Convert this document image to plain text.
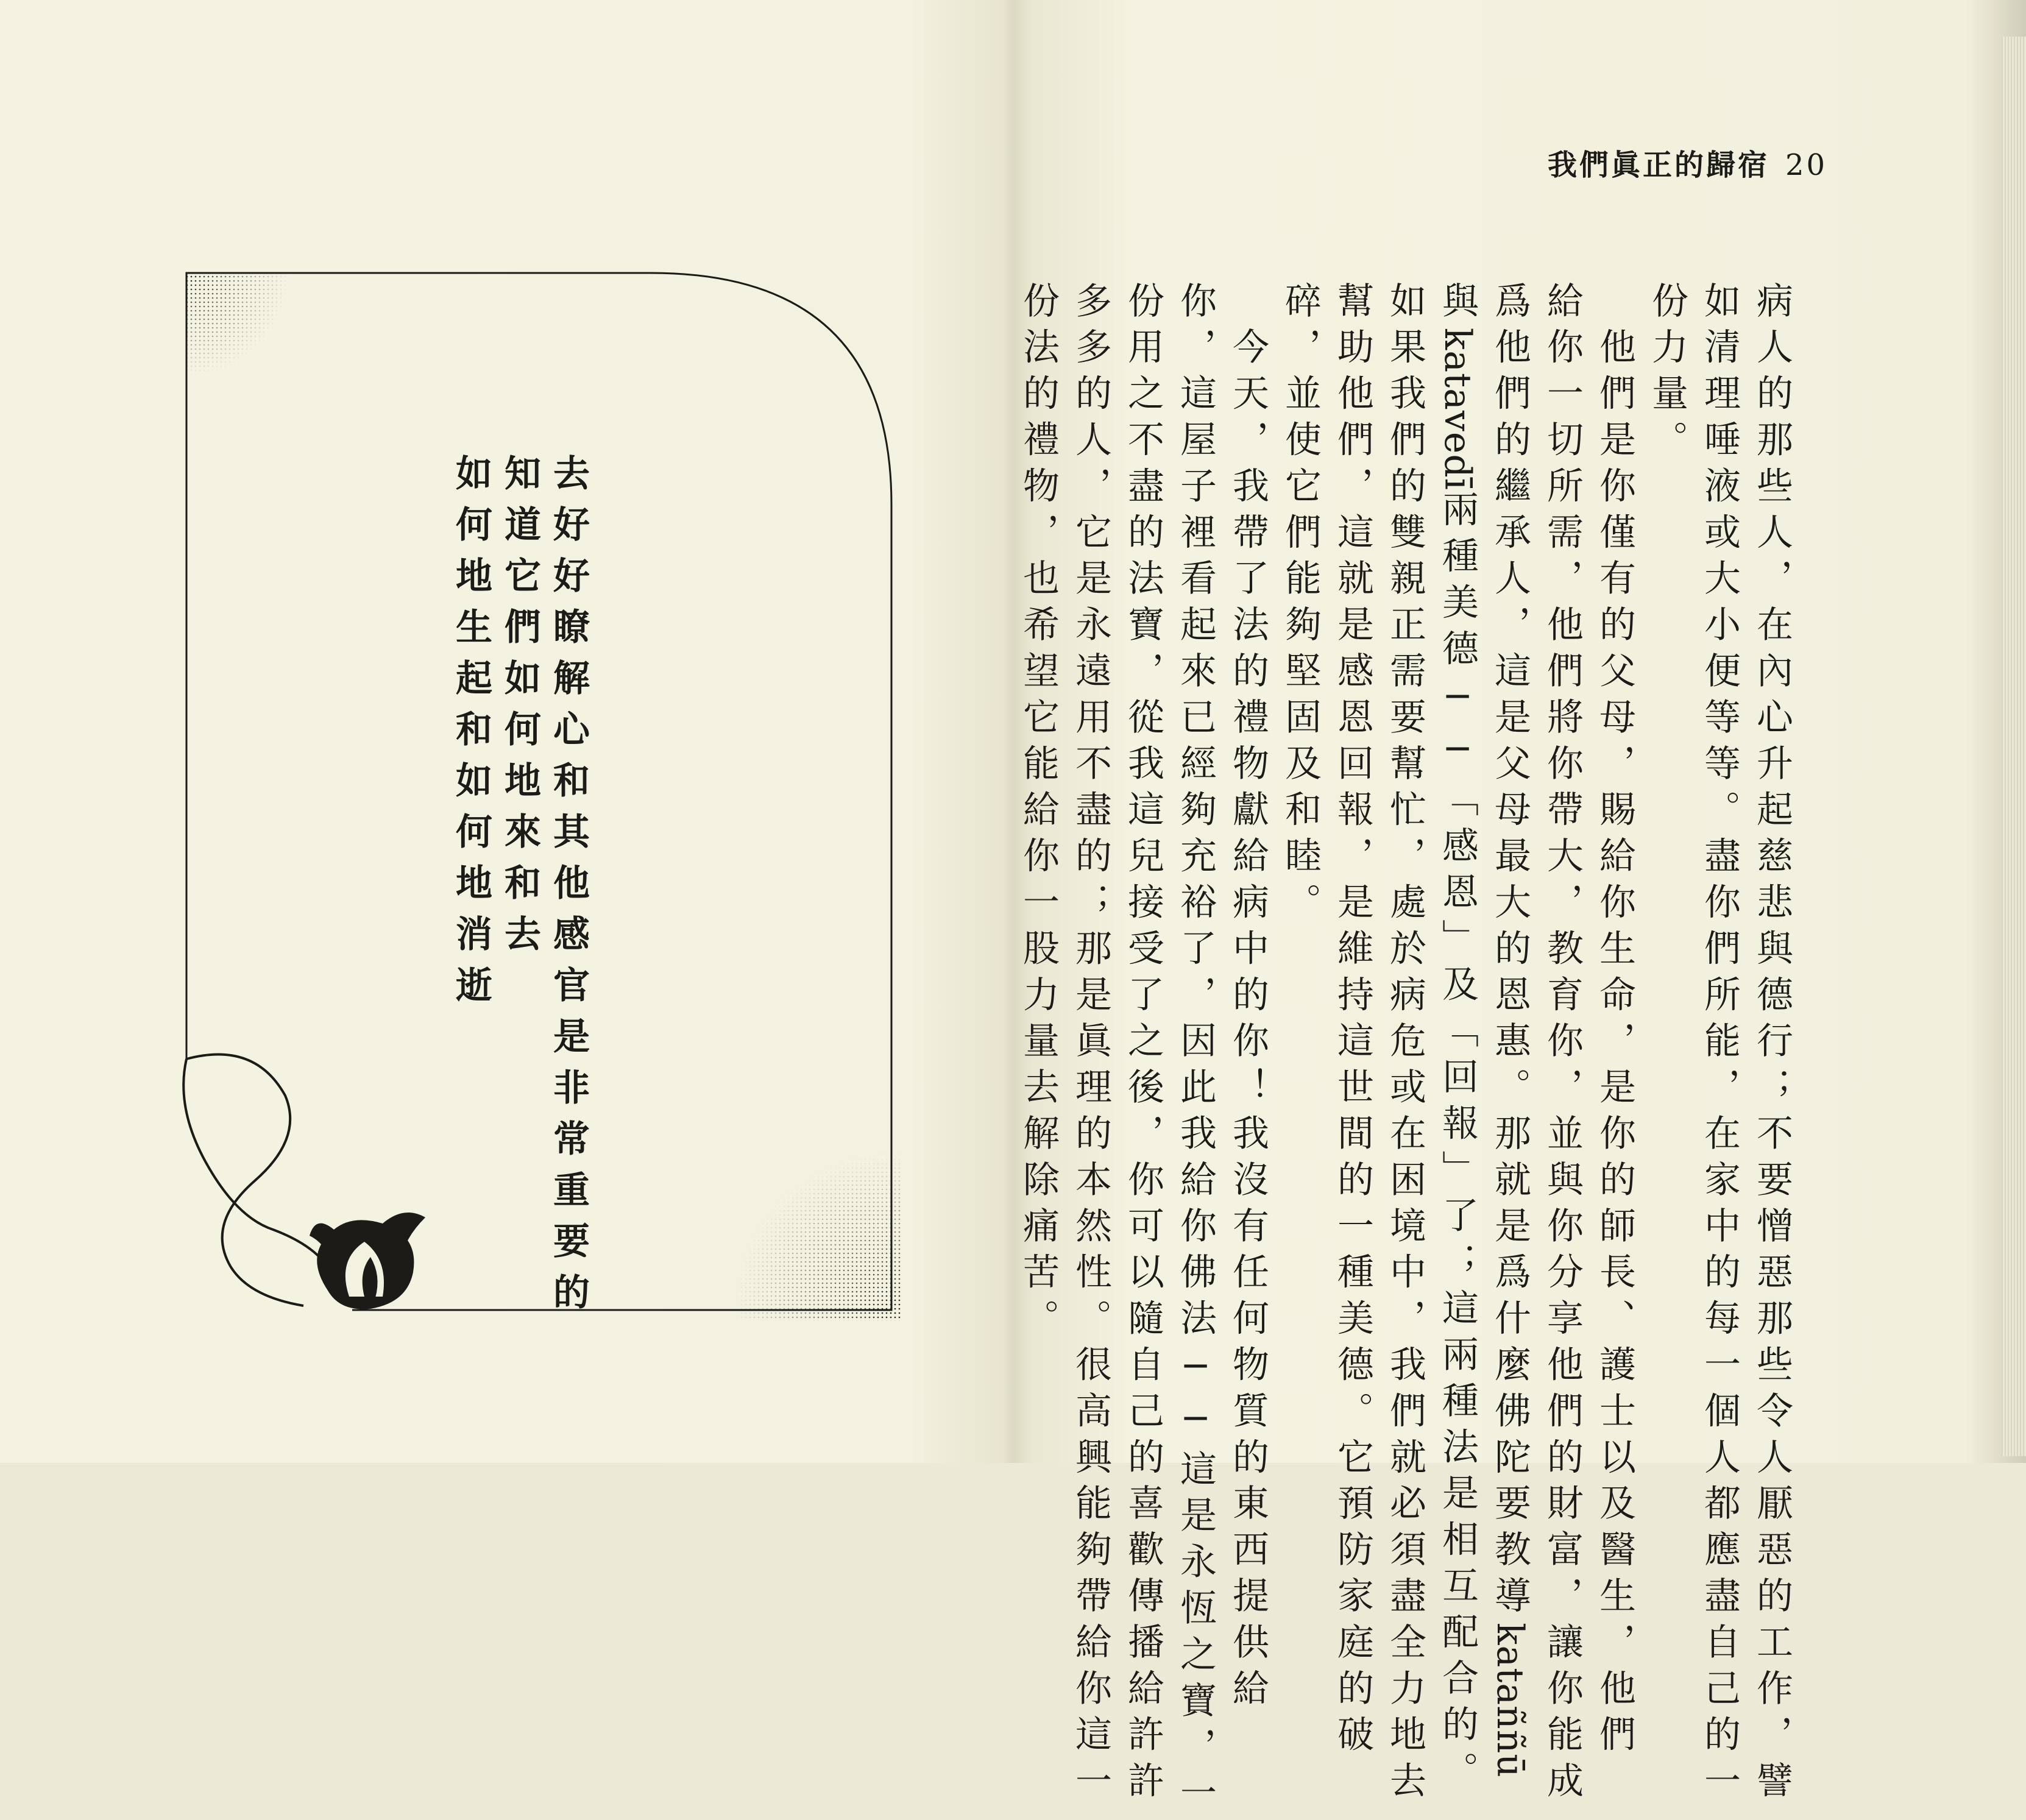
去好好瞭解心和其他感官是非常重要的
知道它們如何地來和去
如何地生起和如何地消逝
我們眞正的歸宿 20
病人的那些人，在內心升起慈悲與德行；不要憎惡那些令人厭惡的工作，譬
如清理唾液或大小便等等。盡你們所能，在家中的每一個人都應盡自己的一
份力量。
　他們是你僅有的父母，賜給你生命，是你的師長、護士以及醫生，他們
給你一切所需，他們將你帶大，教育你，並與你分享他們的財富，讓你能成
爲他們的繼承人，這是父母最大的恩惠。那就是爲什麼佛陀要教導kataññū
與katavedī兩種美德──「感恩」及「回報」了；這兩種法是相互配合的。
如果我們的雙親正需要幫忙，處於病危或在困境中，我們就必須盡全力地去
幫助他們，這就是感恩回報，是維持這世間的一種美德。它預防家庭的破
碎，並使它們能夠堅固及和睦。
　今天，我帶了法的禮物獻給病中的你！我沒有任何物質的東西提供給
你，這屋子裡看起來已經夠充裕了，因此我給你佛法──這是永恆之寶，一
份用之不盡的法寶，從我這兒接受了之後，你可以隨自己的喜歡傳播給許許
多多的人，它是永遠用不盡的；那是眞理的本然性。很高興能夠帶給你這一
份法的禮物，也希望它能給你一股力量去解除痛苦。
